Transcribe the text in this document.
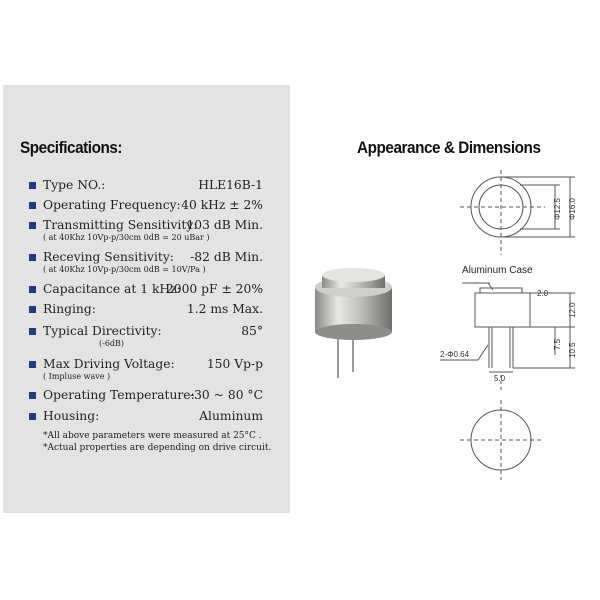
Specifications:
Type NO.:	HLE16B-1
Operating Frequency: 40 kHz ± 2%
Transmitting Sensitivity:
103 dB Min.
( at 40Khz 10Vp-p/30cm 0dB = 20 uBar )
Receving Sensitivity: -82 dB Min.
( at 40Khz 10Vp-p/30cm 0dB = 10V/Pa )
Capacitance at 1 kHz:
2000 pF ± 20%
Ringing:	1.2 ms Max.
Typical Directivity:	85°
(-6dB)
Max Driving Voltage:	150 Vp-p
( Impluse wave )
Operating Temperature:
-30 ~ 80 °C
Housing:	Aluminum
*All above parameters were measured at 25°C .
*Actual properties are depending on drive circuit.
Appearance & Dimensions
Φ12.5 Φ16.0
Aluminum Case
2.0
12.0
7.5 10.5
2-Φ0.64
5.0
